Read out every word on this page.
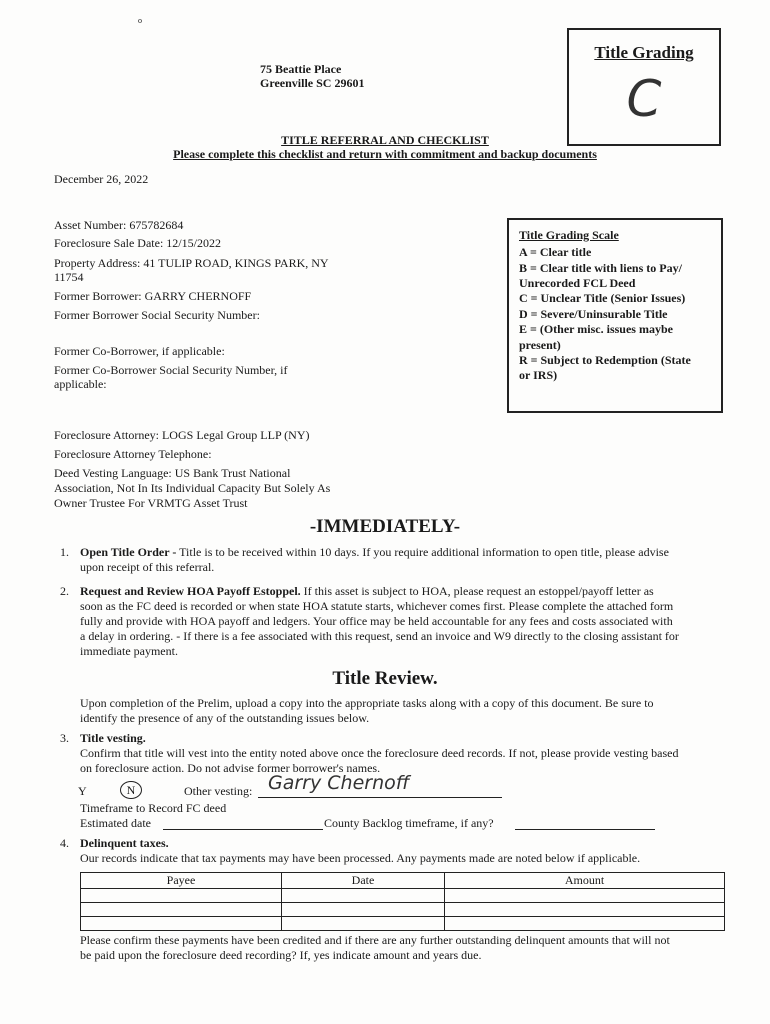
o
75 Beattie Place
Greenville SC 29601
Title Grading
C
TITLE REFERRAL AND CHECKLIST
Please complete this checklist and return with commitment and backup documents
December 26, 2022
Asset Number: 675782684
Foreclosure Sale Date: 12/15/2022
Property Address: 41 TULIP ROAD, KINGS PARK, NY
11754
Former Borrower: GARRY CHERNOFF
Former Borrower Social Security Number:
Former Co-Borrower, if applicable:
Former Co-Borrower Social Security Number, if
applicable:
Title Grading Scale
A = Clear title
B = Clear title with liens to Pay/
Unrecorded FCL Deed
C = Unclear Title (Senior Issues)
D = Severe/Uninsurable Title
E = (Other misc. issues maybe
present)
R = Subject to Redemption (State
or IRS)
Foreclosure Attorney: LOGS Legal Group LLP (NY)
Foreclosure Attorney Telephone:
Deed Vesting Language: US Bank Trust National
Association, Not In Its Individual Capacity But Solely As
Owner Trustee For VRMTG Asset Trust
-IMMEDIATELY-
1. Open Title Order - Title is to be received within 10 days. If you require additional information to open title, please advise
upon receipt of this referral.
2. Request and Review HOA Payoff Estoppel. If this asset is subject to HOA, please request an estoppel/payoff letter as
soon as the FC deed is recorded or when state HOA statute starts, whichever comes first. Please complete the attached form
fully and provide with HOA payoff and ledgers. Your office may be held accountable for any fees and costs associated with
a delay in ordering. - If there is a fee associated with this request, send an invoice and W9 directly to the closing assistant for
immediate payment.
Title Review.
Upon completion of the Prelim, upload a copy into the appropriate tasks along with a copy of this document. Be sure to
identify the presence of any of the outstanding issues below.
3. Title vesting.
Confirm that title will vest into the entity noted above once the foreclosure deed records. If not, please provide vesting based
on foreclosure action. Do not advise former borrower's names.
Y	N	Other vesting: Garry Chernoff
Timeframe to Record FC deed
Estimated date	County Backlog timeframe, if any?
4. Delinquent taxes.
Our records indicate that tax payments may have been processed. Any payments made are noted below if applicable.
Payee	Date	Amount

Please confirm these payments have been credited and if there are any further outstanding delinquent amounts that will not
be paid upon the foreclosure deed recording? If, yes indicate amount and years due.
